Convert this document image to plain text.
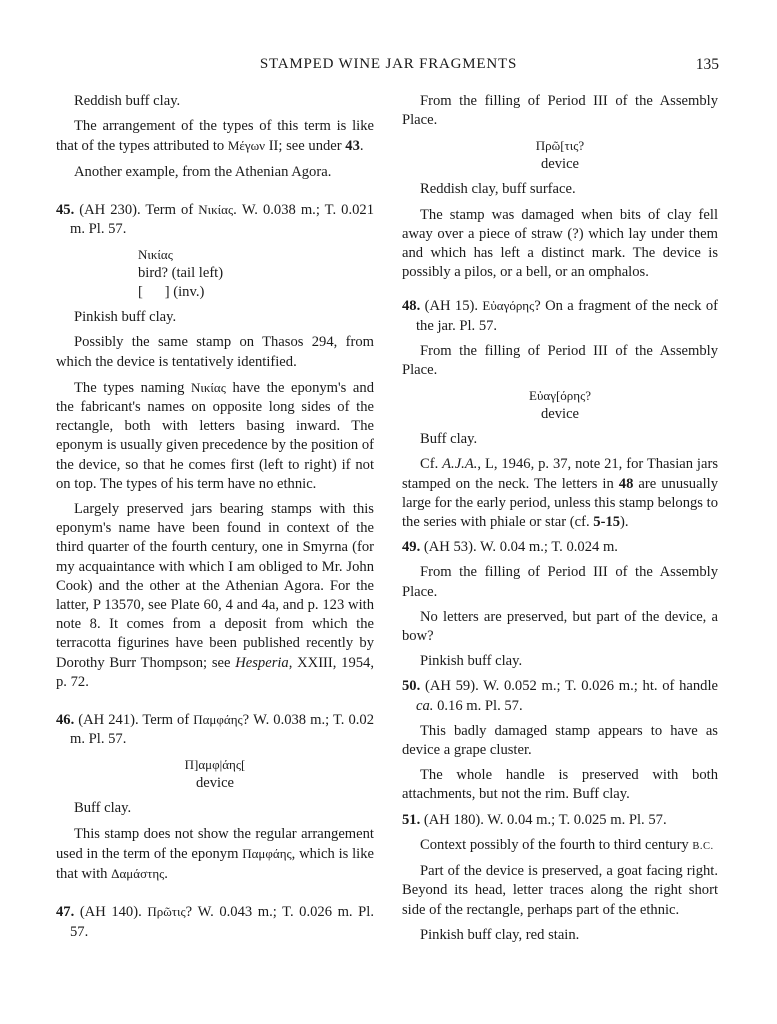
STAMPED WINE JAR FRAGMENTS	135

Reddish buff clay.

The arrangement of the types of this term is like that of the types attributed to Μέγων II; see under 43.

Another example, from the Athenian Agora.

45. (AH 230). Term of Νικίας. W. 0.038 m.; T. 0.021 m. Pl. 57.

Νικίας
bird? (tail left)
[      ] (inv.)

Pinkish buff clay.

Possibly the same stamp on Thasos 294, from which the device is tentatively identified.

The types naming Νικίας have the eponym's and the fabricant's names on opposite long sides of the rectangle, both with letters basing inward. The eponym is usually given precedence by the position of the device, so that he comes first (left to right) if not on top. The types of his term have no ethnic.

Largely preserved jars bearing stamps with this eponym's name have been found in context of the third quarter of the fourth century, one in Smyrna (for my acquaintance with which I am obliged to Mr. John Cook) and the other at the Athenian Agora. For the latter, P 13570, see Plate 60, 4 and 4a, and p. 123 with note 8. It comes from a deposit from which the terracotta figurines have been published recently by Dorothy Burr Thompson; see Hesperia, XXIII, 1954, p. 72.

46. (AH 241). Term of Παμφάης? W. 0.038 m.; T. 0.02 m. Pl. 57.

Π]αμφ|άης[
device

Buff clay.

This stamp does not show the regular arrangement used in the term of the eponym Παμφάης, which is like that with Δαμάστης.

47. (AH 140). Πρῶτις? W. 0.043 m.; T. 0.026 m. Pl. 57.

From the filling of Period III of the Assembly Place.

Πρῶ[τις?
device

Reddish clay, buff surface.

The stamp was damaged when bits of clay fell away over a piece of straw (?) which lay under them and which has left a distinct mark. The device is possibly a pilos, or a bell, or an omphalos.

48. (AH 15). Εὐαγόρης? On a fragment of the neck of the jar. Pl. 57.

From the filling of Period III of the Assembly Place.

Εὐαγ[όρης?
device

Buff clay.

Cf. A.J.A., L, 1946, p. 37, note 21, for Thasian jars stamped on the neck. The letters in 48 are unusually large for the early period, unless this stamp belongs to the series with phiale or star (cf. 5-15).

49. (AH 53). W. 0.04 m.; T. 0.024 m.

From the filling of Period III of the Assembly Place.

No letters are preserved, but part of the device, a bow?

Pinkish buff clay.

50. (AH 59). W. 0.052 m.; T. 0.026 m.; ht. of handle ca. 0.16 m. Pl. 57.

This badly damaged stamp appears to have as device a grape cluster.

The whole handle is preserved with both attachments, but not the rim. Buff clay.

51. (AH 180). W. 0.04 m.; T. 0.025 m. Pl. 57.

Context possibly of the fourth to third century B.C.

Part of the device is preserved, a goat facing right. Beyond its head, letter traces along the right short side of the rectangle, perhaps part of the ethnic.

Pinkish buff clay, red stain.
